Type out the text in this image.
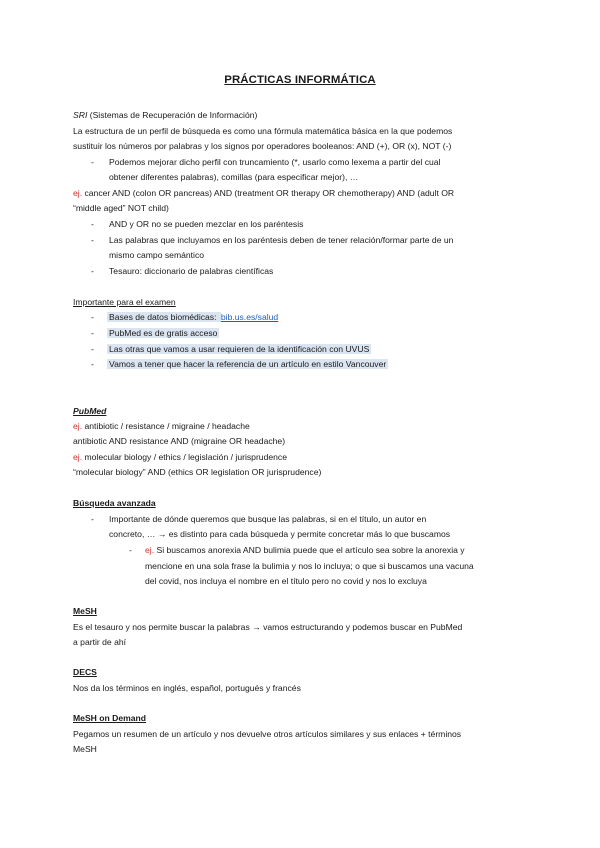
PRÁCTICAS INFORMÁTICA
SRI (Sistemas de Recuperación de Información)
La estructura de un perfil de búsqueda es como una fórmula matemática básica en la que podemos
sustituir los números por palabras y los signos por operadores booleanos: AND (+), OR (x), NOT (-)
- Podemos mejorar dicho perfil con truncamiento (*, usarlo como lexema a partir del cual
obtener diferentes palabras), comillas (para especificar mejor), …
ej. cancer AND (colon OR pancreas) AND (treatment OR therapy OR chemotherapy) AND (adult OR
“middle aged” NOT child)
- AND y OR no se pueden mezclar en los paréntesis
- Las palabras que incluyamos en los paréntesis deben de tener relación/formar parte de un
mismo campo semántico
- Tesauro: diccionario de palabras científicas
Importante para el examen
- Bases de datos biomédicas: bib.us.es/salud
- PubMed es de gratis acceso
- Las otras que vamos a usar requieren de la identificación con UVUS
- Vamos a tener que hacer la referencia de un artículo en estilo Vancouver
PubMed
ej. antibiotic / resistance / migraine / headache
antibiotic AND resistance AND (migraine OR headache)
ej. molecular biology / ethics / legislación / jurisprudence
“molecular biology” AND (ethics OR legislation OR jurisprudence)
Búsqueda avanzada
- Importante de dónde queremos que busque las palabras, si en el título, un autor en
concreto, … → es distinto para cada búsqueda y permite concretar más lo que buscamos
- ej. Si buscamos anorexia AND bulimia puede que el artículo sea sobre la anorexia y
mencione en una sola frase la bulimia y nos lo incluya; o que si buscamos una vacuna
del covid, nos incluya el nombre en el título pero no covid y nos lo excluya
MeSH
Es el tesauro y nos permite buscar la palabras → vamos estructurando y podemos buscar en PubMed
a partir de ahí
DECS
Nos da los términos en inglés, español, portugués y francés
MeSH on Demand
Pegamos un resumen de un artículo y nos devuelve otros artículos similares y sus enlaces + términos
MeSH
